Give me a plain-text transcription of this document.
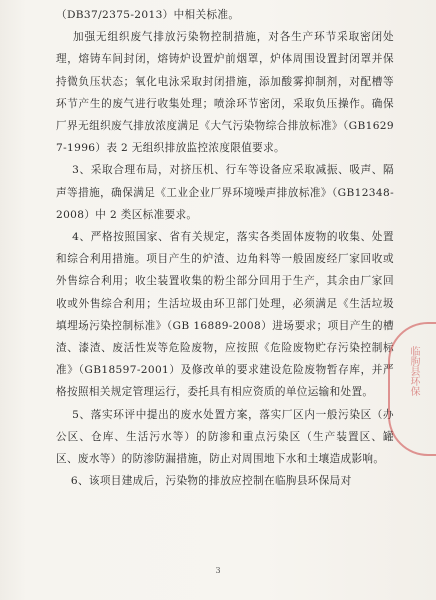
（DB37/2375-2013）中相关标准。

加强无组织废气排放污染物控制措施，对各生产环节采取密闭处理，熔铸车间封闭，熔铸炉设置炉前烟罩，炉体周围设置封闭罩并保持微负压状态；氧化电泳采取封闭措施，添加酸雾抑制剂，对配槽等环节产生的废气进行收集处理；喷涂环节密闭，采取负压操作。确保厂界无组织废气排放浓度满足《大气污染物综合排放标准》（GB16297-1996）表 2 无组织排放监控浓度限值要求。

3、采取合理布局，对挤压机、行车等设备应采取减振、吸声、隔声等措施，确保满足《工业企业厂界环境噪声排放标准》（GB12348-2008）中 2 类区标准要求。

4、严格按照国家、省有关规定，落实各类固体废物的收集、处置和综合利用措施。项目产生的炉渣、边角料等一般固废经厂家回收或外售综合利用；收尘装置收集的粉尘部分回用于生产，其余由厂家回收或外售综合利用；生活垃圾由环卫部门处理，必须满足《生活垃圾填埋场污染控制标准》（GB 16889-2008）进场要求；项目产生的槽渣、漆渣、废活性炭等危险废物，应按照《危险废物贮存污染控制标准》（GB18597-2001）及修改单的要求建设危险废物暂存库，并严格按照相关规定管理运行，委托具有相应资质的单位运输和处置。

5、落实环评中提出的废水处置方案，落实厂区内一般污染区（办公区、仓库、生活污水等）的防渗和重点污染区（生产装置区、罐区、废水等）的防渗防漏措施，防止对周围地下水和土壤造成影响。

6、该项目建成后，污染物的排放应控制在临朐县环保局对

临朐县环保
3
